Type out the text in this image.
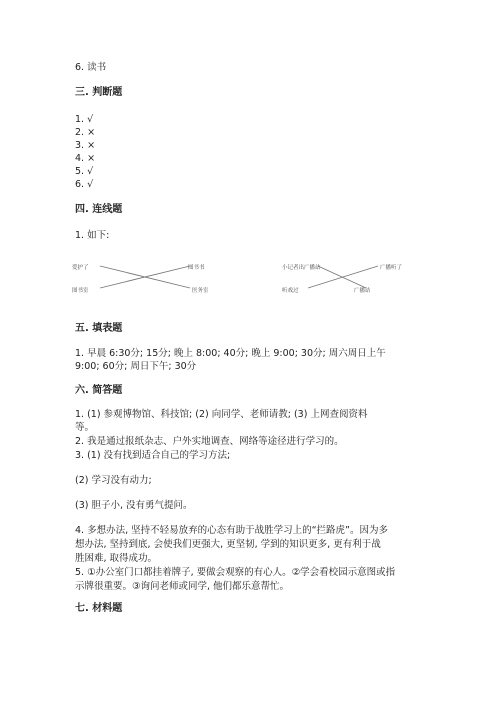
6. 读书
三. 判断题
1. √
2. ×
3. ×
4. ×
5. √
6. √
四. 连线题
1. 如下:
爱护了	图书书
图书室	医务室
小记者出广播站	广播听了
听戏过	广播站
五. 填表题
1. 早晨 6:30分; 15分; 晚上 8:00; 40分; 晚上 9:00; 30分; 周六周日上午
9:00; 60分; 周日下午; 30分
六. 简答题
1. (1) 参观博物馆、科技馆; (2) 向同学、老师请教; (3) 上网查阅资料
等。
2. 我是通过报纸杂志、户外实地调查、网络等途径进行学习的。
3. (1) 没有找到适合自己的学习方法;
(2) 学习没有动力;
(3) 胆子小, 没有勇气提问。
4. 多想办法, 坚持不轻易放弃的心态有助于战胜学习上的“拦路虎”。因为多
想办法, 坚持到底, 会使我们更强大, 更坚韧, 学到的知识更多, 更有利于战
胜困难, 取得成功。
5. ①办公室门口都挂着牌子, 要做会观察的有心人。②学会看校园示意图或指
示牌很重要。③询问老师或同学, 他们都乐意帮忙。
七. 材料题
